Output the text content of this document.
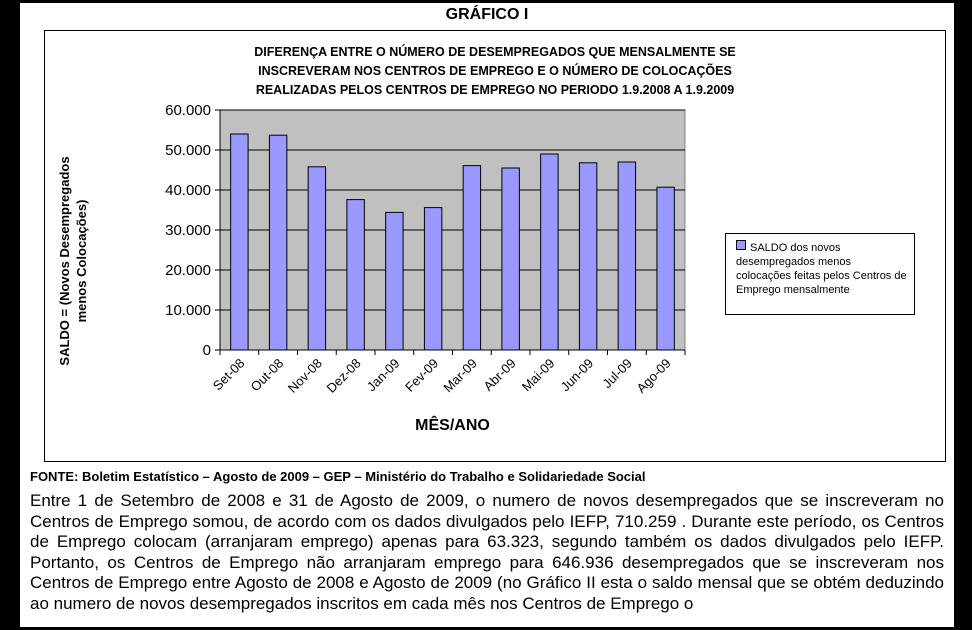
GRÁFICO I
DIFERENÇA ENTRE O NÚMERO DE DESEMPREGADOS QUE MENSALMENTE SE
INSCREVERAM NOS CENTROS DE EMPREGO E O NÚMERO DE COLOCAÇÕES
REALIZADAS PELOS CENTROS DE EMPREGO NO PERIODO 1.9.2008 A 1.9.2009
SALDO = (Novos Desempregados menos Colocações)
0
10.000
20.000
30.000
40.000
50.000
60.000
Set-08 Out-08
Nov-08
Dez-08 Jan-09 Fev-09 Mar-09 Abr-09 Mai-09 Jun-09 Jul-09
Ago-09
MÊS/ANO
SALDO dos novos desempregados menos colocações feitas pelos Centros de Emprego mensalmente
FONTE: Boletim Estatístico – Agosto de 2009 – GEP – Ministério do Trabalho e Solidariedade Social
Entre 1 de Setembro de 2008 e 31 de Agosto de 2009, o numero de novos desempregados que se inscreveram no Centros de Emprego somou, de acordo com os dados divulgados pelo IEFP, 710.259 . Durante este período, os Centros de Emprego colocam (arranjaram emprego) apenas para 63.323, segundo também os dados divulgados pelo IEFP. Portanto, os Centros de Emprego não arranjaram emprego para 646.936 desempregados que se inscreveram nos Centros de Emprego entre Agosto de 2008 e Agosto de 2009 (no Gráfico II esta o saldo mensal que se obtém deduzindo ao numero de novos desempregados inscritos em cada mês nos Centros de Emprego o
